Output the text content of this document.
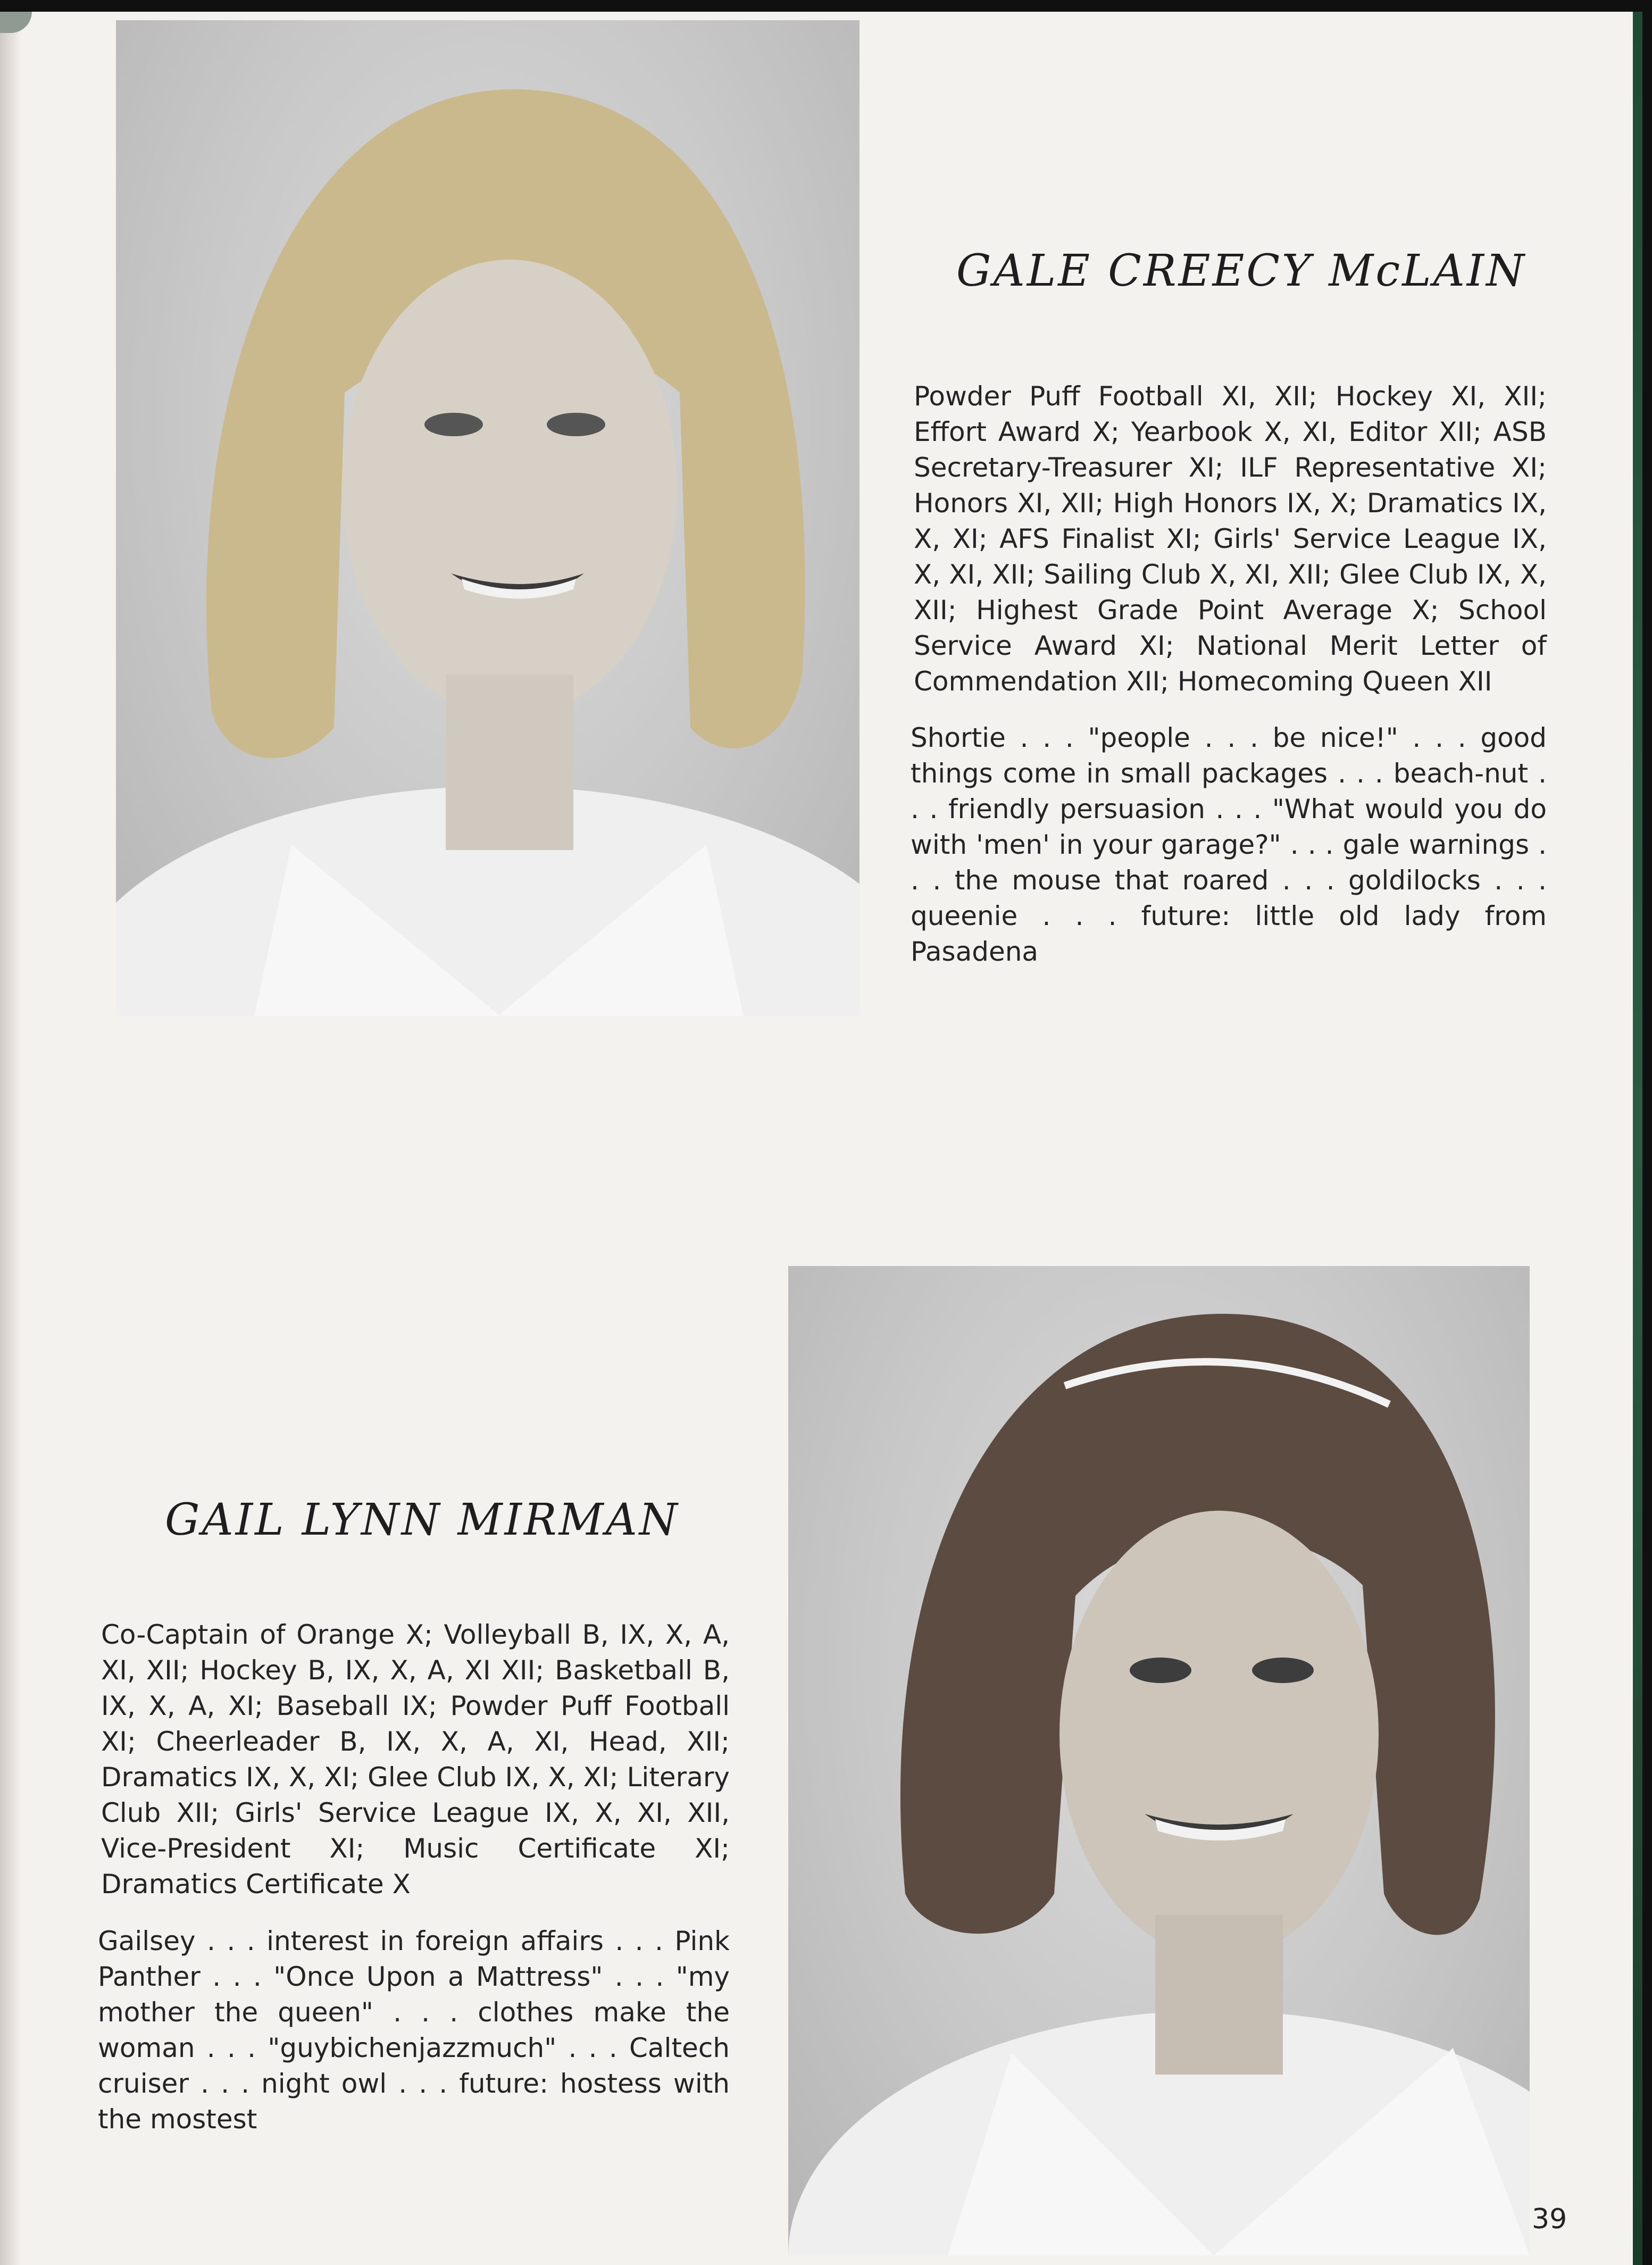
GALE CREECY McLAIN

Powder Puff Football XI, XII; Hockey XI, XII; Effort Award X; Yearbook X, XI, Editor XII; ASB Secretary-Treasurer XI; ILF Representative XI; Honors XI, XII; High Honors IX, X; Dramatics IX, X, XI; AFS Finalist XI; Girls' Service League IX, X, XI, XII; Sailing Club X, XI, XII; Glee Club IX, X, XII; Highest Grade Point Average X; School Service Award XI; National Merit Letter of Commendation XII; Homecoming Queen XII

Shortie . . . "people . . . be nice!" . . . good things come in small packages . . . beach-nut . . . friendly persuasion . . . "What would you do with 'men' in your garage?" . . . gale warnings . . . the mouse that roared . . . goldilocks . . . queenie . . . future: little old lady from Pasadena

GAIL LYNN MIRMAN

Co-Captain of Orange X; Volleyball B, IX, X, A, XI, XII; Hockey B, IX, X, A, XI XII; Basketball B, IX, X, A, XI; Baseball IX; Powder Puff Football XI; Cheerleader B, IX, X, A, XI, Head, XII; Dramatics IX, X, XI; Glee Club IX, X, XI; Literary Club XII; Girls' Service League IX, X, XI, XII, Vice-President XI; Music Certificate XI; Dramatics Certificate X

Gailsey . . . interest in foreign affairs . . . Pink Panther . . . "Once Upon a Mattress" . . . "my mother the queen" . . . clothes make the woman . . . "guybichenjazzmuch" . . . Caltech cruiser . . . night owl . . . future: hostess with the mostest

39
